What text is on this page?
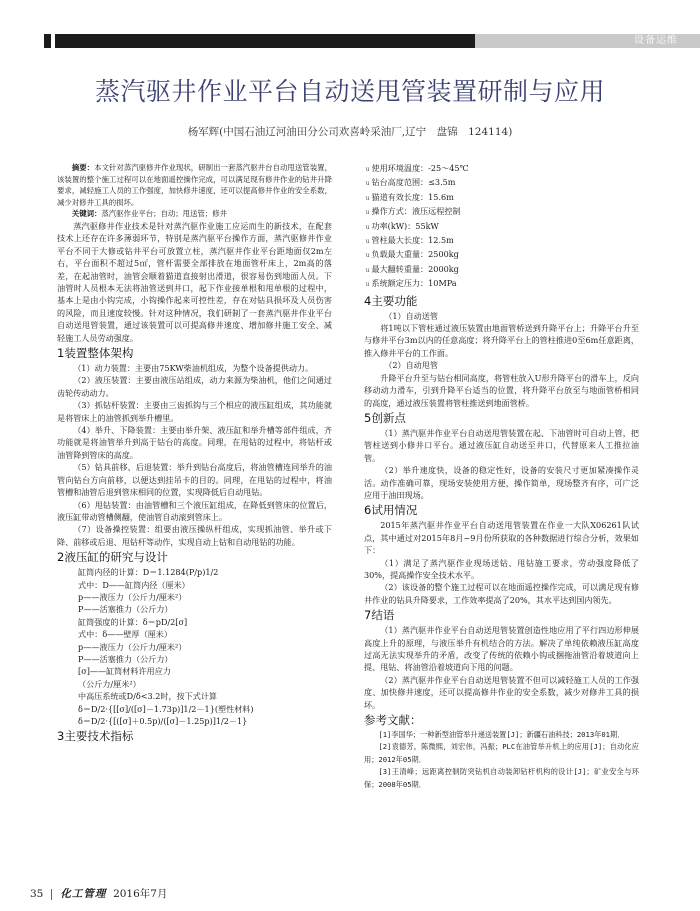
设备运维
蒸汽驱井作业平台自动送甩管装置研制与应用
杨军辉(中国石油辽河油田分公司欢喜岭采油厂,辽宁　盘锦　124114)

摘要：本文针对蒸汽驱修井作业现状，研制出一套蒸汽驱井台自动甩送管装置，该装置的整个施工过程可以在地面遥控操作完成，可以满足现有修井作业的钻井升降要求，减轻施工人员的工作强度，加快修井速度，还可以提高修井作业的安全系数，减少对修井工具的损坏。

关键词：蒸汽驱作业平台；自动；甩送管；修井

蒸汽驱修井作业技术是针对蒸汽驱作业施工应运而生的新技术，在配套技术上还存在许多薄弱环节，特别是蒸汽驱平台操作方面，蒸汽驱修井作业平台不同于大修或钻井平台可放置立柱，蒸汽驱井作业平台距地面仅2m左右，平台面积不超过5㎡，管杆需要全部排放在地面管杆床上，2m高的落差，在起油管时，油管会顺着猫道直接射出滑道，很容易伤到地面人员。下油管时人员根本无法将油管送到井口，起下作业接单根和甩单根的过程中，基本上是由小钩完成，小钩操作起来可控性差，存在对钻具损坏及人员伤害的风险，而且速度较慢。针对这种情况，我们研制了一套蒸汽驱井作业平台自动送甩管装置，通过该装置可以可提高修井速度、增加修井施工安全、减轻施工人员劳动强度。

1装置整体架构

（1）动力装置：主要由75KW柴油机组成，为整个设备提供动力。

（2）液压装置：主要由液压站组成，动力来源为柴油机，他们之间通过齿轮传动动力。

（3）抓钻杆装置：主要由三齿抓钩与三个相应的液压缸组成，其功能就是将管床上的油管抓到举升槽里。

（4）举升、下降装置：主要由举升架、液压缸和举升槽等部件组成，齐功能就是将油管举升到高于钻台的高度。同理，在甩钻的过程中，将钻杆或油管降到管床的高度。

（5）钻具前移、后退装置：举升到钻台高度后，将油管槽连同举升的油管向钻台方向前移，以便达到挂吊卡的目的。同理，在甩钻的过程中，将油管槽和油管后退到管床相同的位置，实现降低后自动甩钻。

（6）甩钻装置：由油管槽和三个液压缸组成，在降低到管床的位置后，液压缸带动管槽侧翻，使油管自动滚到管床上。

（7）设备操控装置：组要由液压操纵杆组成，实现抓油管、举升或下降、前移或后退、甩钻杆等动作，实现自动上钻和自动甩钻的功能。

2液压缸的研究与设计

缸筒内径的计算：D＝1.1284(P/p)1/2

式中：D——缸筒内径（厘米）

p——液压力（公斤力/厘米²）

P——活塞推力（公斤力）

缸筒强度的计算：δ＝pD/2[σ]

式中：δ——壁厚（厘米）

p——液压力（公斤力/厘米²）

P——活塞推力（公斤力）

[σ]——缸筒材料许用应力

（公斤力/厘米²）

中高压系统或D/δ<3.2时，按下式计算

δ＝D/2·{[[σ]/([σ]－1.73p)]1/2－1}(塑性材料)

δ＝D/2·{[([σ]＋0.5p)/([σ]－1.25p)]1/2－1}

3主要技术指标

u 使用环境温度：-25～45℃

u 钻台高度范围：≤3.5m

u 猫道有效长度：15.6m

u 操作方式：液压远程控制

u 功率(kW)：55kW

u 管柱最大长度：12.5m

u 负载最大重量：2500kg

u 最大翻转重量：2000kg

u 系统额定压力：10MPa

4主要功能

（1）自动送管

将1吨以下管柱通过液压装置由地面管桥送到升降平台上；升降平台升至与修井平台3m以内的任意高度；将升降平台上的管柱推进0至6m任意距离，推入修井平台的工作面。

（2）自动甩管

升降平台升至与钻台相同高度，将管柱放入U形升降平台的滑车上，反向移动动力滑车，引到升降平台适当的位置，将升降平台放至与地面管桥相同的高度，通过液压装置将管柱推送到地面管桥。

5创新点

（1）蒸汽驱井作业平台自动送甩管装置在起、下油管时可自动上管，把管柱送到小修井口平台。通过液压缸自动送至井口，代替原来人工推拉油管。

（2）举升速度快，设备的稳定性好，设备的安装尺寸更加紧凑操作灵活。动作准确可靠，现场安装使用方便，操作简单，现场整齐有序，可广泛应用于油田现场。

6试用情况

2015年蒸汽驱井作业平台自动送甩管装置在作业一大队X06261队试点，其中通过对2015年8月~9月份所获取的各种数据进行综合分析，效果如下：

（1）满足了蒸汽驱作业现场送钻、甩钻施工要求，劳动强度降低了30%，提高操作安全技术水平。

（2）该设备的整个施工过程可以在地面遥控操作完成，可以满足现有修井作业的钻具升降要求，工作效率提高了20%，其水平达到国内领先。

7结语

（1）蒸汽驱井作业平台自动送甩管装置创造性地应用了平行四边形伸展高度上升的原理，与液压举升有机结合的方法。解决了单纯依赖液压缸高度过高无法实现举升的矛盾，改变了传统的依赖小钩或捆拖油管沿着坡道向上提、甩钻、将油管沿着坡道向下甩的问题。

（2）蒸汽驱井作业平台自动送甩管装置不但可以减轻施工人员的工作强度、加快修井速度，还可以提高修井作业的安全系数，减少对修井工具的损坏。

参考文献：

[1]李国华；一种新型油管举升递送装置[J]；新疆石油科技；2013年01期．

[2]袁德芳，陈微熙，刘宏伟，冯振；PLC在油管举升机上的应用[J]；自动化应用；2012年05期．

[3]王清峰；远距离控制防突钻机自动装卸钻杆机构的设计[J]；矿业安全与环保；2008年05期．

35 化工管理 2016年7月
